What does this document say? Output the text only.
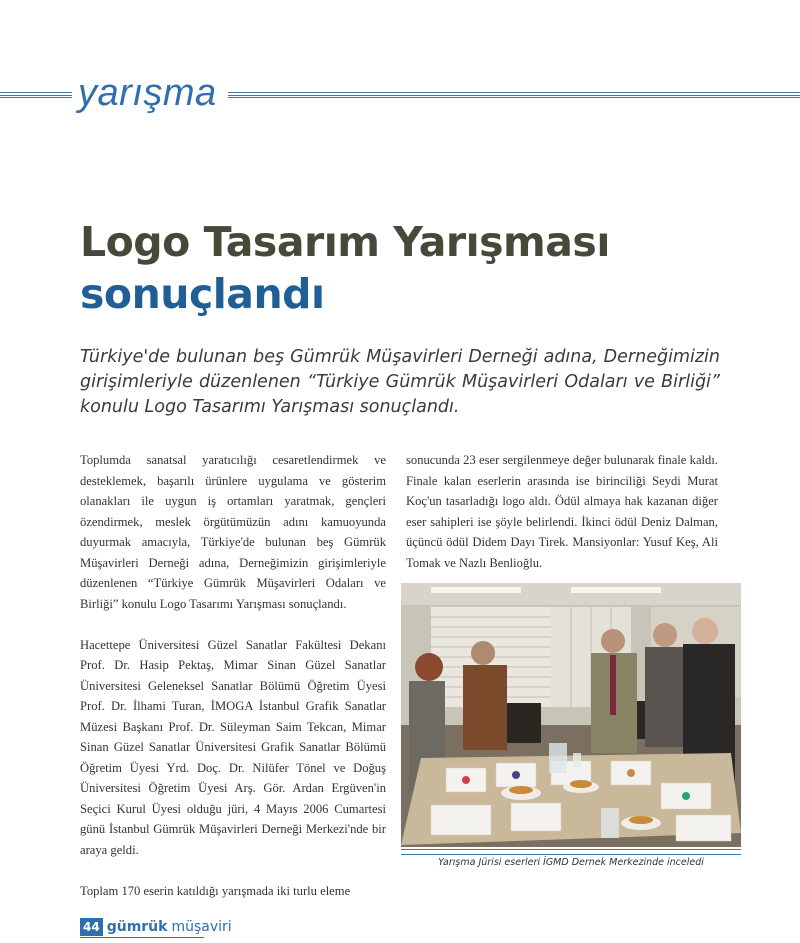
yarışma
Logo Tasarım Yarışması
sonuçlandı

Türkiye'de bulunan beş Gümrük Müşavirleri Derneği adına, Derneğimizin girişimleriyle düzenlenen “Türkiye Gümrük Müşavirleri Odaları ve Birliği” konulu Logo Tasarımı Yarışması sonuçlandı.

Toplumda sanatsal yaratıcılığı cesaretlendirmek ve desteklemek, başarılı ürünlere uygulama ve gösterim olanakları ile uygun iş ortamları yaratmak, gençleri özendirmek, meslek örgütümüzün adını kamuoyunda duyurmak amacıyla, Türkiye'de bulunan beş Gümrük Müşavirleri Derneği adına, Derneğimizin girişimleriyle düzenlenen “Türkiye Gümrük Müşavirleri Odaları ve Birliği” konulu Logo Tasarımı Yarışması sonuçlandı.

Hacettepe Üniversitesi Güzel Sanatlar Fakültesi Dekanı Prof. Dr. Hasip Pektaş, Mimar Sinan Güzel Sanatlar Üniversitesi Geleneksel Sanatlar Bölümü Öğretim Üyesi Prof. Dr. İlhami Turan, İMOGA İstanbul Grafik Sanatlar Müzesi Başkanı Prof. Dr. Süleyman Saim Tekcan, Mimar Sinan Güzel Sanatlar Üniversitesi Grafik Sanatlar Bölümü Öğretim Üyesi Yrd. Doç. Dr. Nilüfer Tönel ve Doğuş Üniversitesi Öğretim Üyesi Arş. Gör. Ardan Ergüven'in Seçici Kurul Üyesi olduğu jüri, 4 Mayıs 2006 Cumartesi günü İstanbul Gümrük Müşavirleri Derneği Merkezi'nde bir araya geldi.

Toplam 170 eserin katıldığı yarışmada iki turlu eleme

sonucunda 23 eser sergilenmeye değer bulunarak finale kaldı. Finale kalan eserlerin arasında ise birinciliği Seydi Murat Koç'un tasarladığı logo aldı. Ödül almaya hak kazanan diğer eser sahipleri ise şöyle belirlendi. İkinci ödül Deniz Dalman, üçüncü ödül Didem Dayı Tirek. Mansiyonlar: Yusuf Keş, Ali Tomak ve Nazlı Benlioğlu.

Yarışma Jürisi eserleri İGMD Dernek Merkezinde inceledi
44 gümrük müşaviri
